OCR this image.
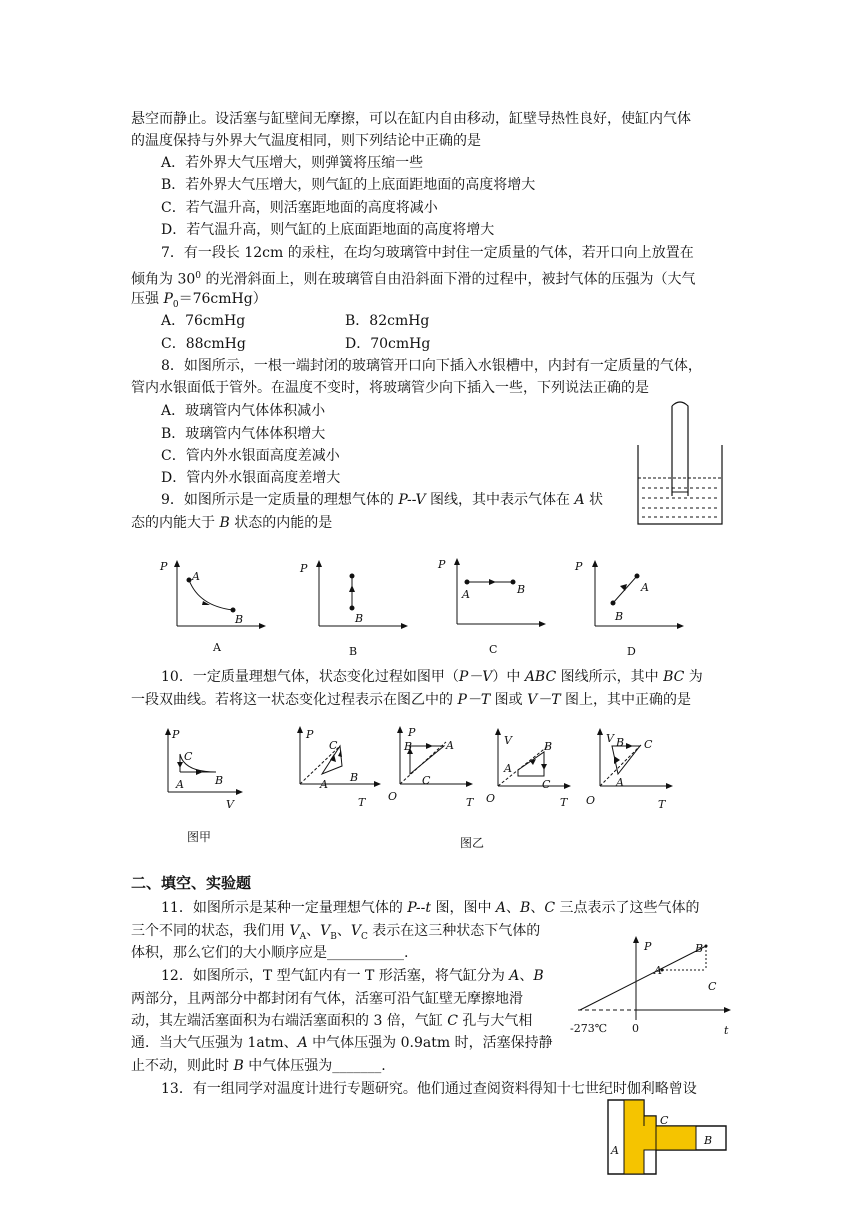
悬空而静止。设活塞与缸壁间无摩擦，可以在缸内自由移动，缸壁导热性良好，使缸内气体
的温度保持与外界大气温度相同，则下列结论中正确的是
A．若外界大气压增大，则弹簧将压缩一些
B．若外界大气压增大，则气缸的上底面距地面的高度将增大
C．若气温升高，则活塞距地面的高度将减小
D．若气温升高，则气缸的上底面距地面的高度将增大
7．有一段长 12cm 的汞柱，在均匀玻璃管中封住一定质量的气体，若开口向上放置在
倾角为 $30^0$ 的光滑斜面上，则在玻璃管自由沿斜面下滑的过程中，被封气体的压强为（大气
压强 $P_0=76cmHg$）
A．76cmHg	B．82cmHg
C．88cmHg	D．70cmHg
8．如图所示，一根一端封闭的玻璃管开口向下插入水银槽中，内封有一定质量的气体，
管内水银面低于管外。在温度不变时，将玻璃管少向下插入一些，下列说法正确的是
A．玻璃管内气体体积减小
B．玻璃管内气体体积增大
C．管内外水银面高度差减小
D．管内外水银面高度差增大
9．如图所示是一定质量的理想气体的 P--V 图线，其中表示气体在 A 状
态的内能大于 B 状态的内能的是
P
A
B
A
P
B
B
P
A	B
C
P
A
B
D
10．一定质量理想气体，状态变化过程如图甲（P－V）中 ABC 图线所示，其中 BC 为
一段双曲线。若将这一状态变化过程表示在图乙中的 P－T 图或 V－T 图上，其中正确的是
P
C
A	B
V
图甲
P
C
A
B
T
P
B	A
C
O	T
V	B
A
C
O	T
V B C
A
O	T
图乙
二、填空、实验题
11．如图所示是某种一定量理想气体的 P--t 图，图中 A、B、C 三点表示了这些气体的
三个不同的状态，我们用 $V_A$、$V_B$、$V_C$ 表示在这三种状态下气体的
体积，那么它们的大小顺序应是___________.	P	B
A
C
-273℃ 0	t
12．如图所示，T 型气缸内有一 T 形活塞，将气缸分为 A、B
两部分，且两部分中都封闭有气体，活塞可沿气缸壁无摩擦地滑
动，其左端活塞面积为右端活塞面积的 3 倍，气缸 C 孔与大气相
通．当大气压强为 1atm、A 中气体压强为 0.9atm 时，活塞保持静
止不动，则此时 B 中气体压强为_______.
13．有一组同学对温度计进行专题研究。他们通过查阅资料得知十七世纪时伽利略曾设
A
B
C
